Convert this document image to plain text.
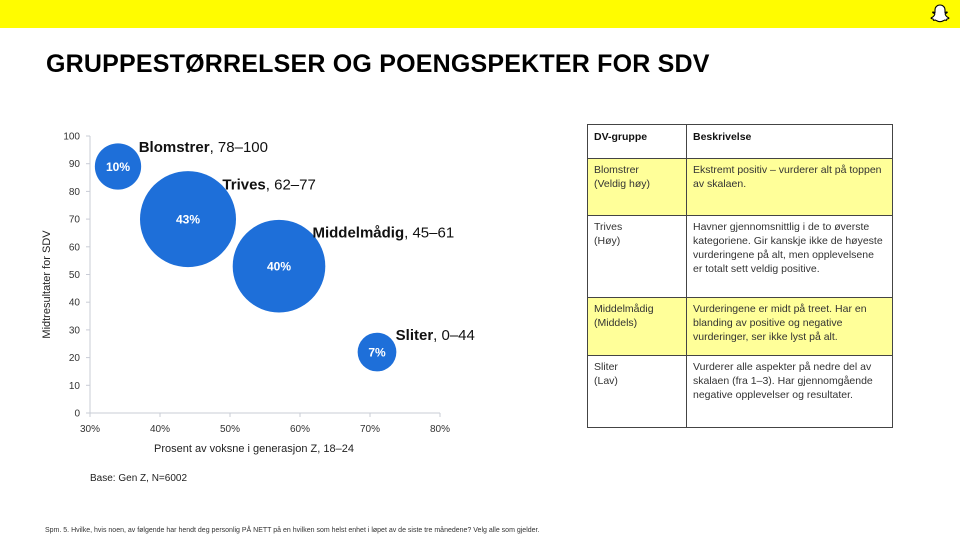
GRUPPESTØRRELSER OG POENGSPEKTER FOR SDV
0
10
20
30
40
50
60
70
80
90
100
30%	40%	50%	60%	70%	80%
Prosent av voksne i generasjon Z, 18–24
Midtresultater for SDV
10%
Blomstrer, 78–100
43%
Trives, 62–77
40%
Middelmådig, 45–61
7%
Sliter, 0–44
Base: Gen Z, N=6002
DV-gruppe	Beskrivelse
Blomstrer
(Veldig høy)	Ekstremt positiv – vurderer alt på toppen av skalaen.
Trives
(Høy)	Havner gjennomsnittlig i de to øverste kategoriene. Gir kanskje ikke de høyeste vurderingene på alt, men opplevelsene er totalt sett veldig positive.
Middelmådig
(Middels)	Vurderingene er midt på treet. Har en blanding av positive og negative vurderinger, ser ikke lyst på alt.
Sliter
(Lav)	Vurderer alle aspekter på nedre del av skalaen (fra 1–3). Har gjennomgående negative opplevelser og resultater.
Spm. 5. Hvilke, hvis noen, av følgende har hendt deg personlig PÅ NETT på en hvilken som helst enhet i løpet av de siste tre månedene? Velg alle som gjelder.
